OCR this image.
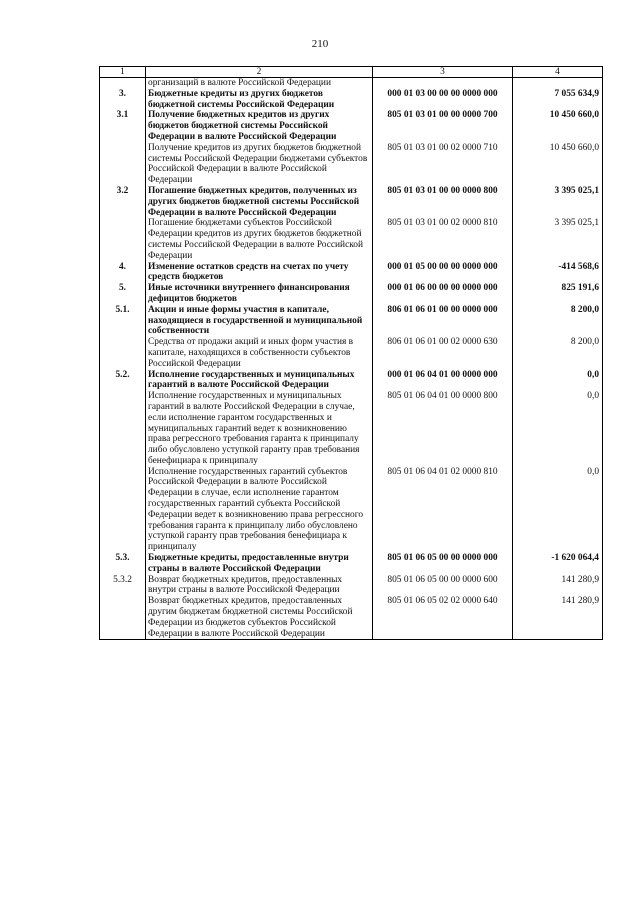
210
1	2	3	4
	организаций в валюте Российской Федерации		
3.	Бюджетные кредиты из других бюджетов бюджетной системы Российской Федерации	000 01 03 00 00 00 0000 000	7 055 634,9
3.1	Получение бюджетных кредитов из других бюджетов бюджетной системы Российской Федерации в валюте Российской Федерации	805 01 03 01 00 00 0000 700	10 450 660,0
	Получение кредитов из других бюджетов бюджетной системы Российской Федерации бюджетами субъектов Российской Федерации в валюте Российской Федерации	805 01 03 01 00 02 0000 710	10 450 660,0
3.2	Погашение бюджетных кредитов, полученных из других бюджетов бюджетной системы Российской Федерации в валюте Российской Федерации	805 01 03 01 00 00 0000 800	3 395 025,1
	Погашение бюджетами субъектов Российской Федерации кредитов из других бюджетов бюджетной системы Российской Федерации в валюте Российской Федерации	805 01 03 01 00 02 0000 810	3 395 025,1
4.	Изменение остатков средств на счетах по учету средств бюджетов	000 01 05 00 00 00 0000 000	-414 568,6
5.	Иные источники внутреннего финансирования дефицитов бюджетов	000 01 06 00 00 00 0000 000	825 191,6
5.1.	Акции и иные формы участия в капитале, находящиеся в государственной и муниципальной собственности	806 01 06 01 00 00 0000 000	8 200,0
	Средства от продажи акций и иных форм участия в капитале, находящихся в собственности субъектов Российской Федерации	806 01 06 01 00 02 0000 630	8 200,0
5.2.	Исполнение государственных и муниципальных гарантий в валюте Российской Федерации	000 01 06 04 01 00 0000 000	0,0
	Исполнение государственных и муниципальных гарантий в валюте Российской Федерации в случае, если исполнение гарантом государственных и муниципальных гарантий ведет к возникновению права регрессного требования гаранта к принципалу либо обусловлено уступкой гаранту прав требования бенефициара к принципалу	805 01 06 04 01 00 0000 800	0,0
	Исполнение государственных гарантий субъектов Российской Федерации в валюте Российской Федерации в случае, если исполнение гарантом государственных гарантий субъекта Российской Федерации ведет к возникновению права регрессного требования гаранта к принципалу либо обусловлено уступкой гаранту прав требования бенефициара к принципалу	805 01 06 04 01 02 0000 810	0,0
5.3.	Бюджетные кредиты, предоставленные внутри страны в валюте Российской Федерации	805 01 06 05 00 00 0000 000	-1 620 064,4
5.3.2	Возврат бюджетных кредитов, предоставленных внутри страны в валюте Российской Федерации	805 01 06 05 00 00 0000 600	141 280,9
	Возврат бюджетных кредитов, предоставленных другим бюджетам бюджетной системы Российской Федерации из бюджетов субъектов Российской Федерации в валюте Российской Федерации	805 01 06 05 02 02 0000 640	141 280,9
